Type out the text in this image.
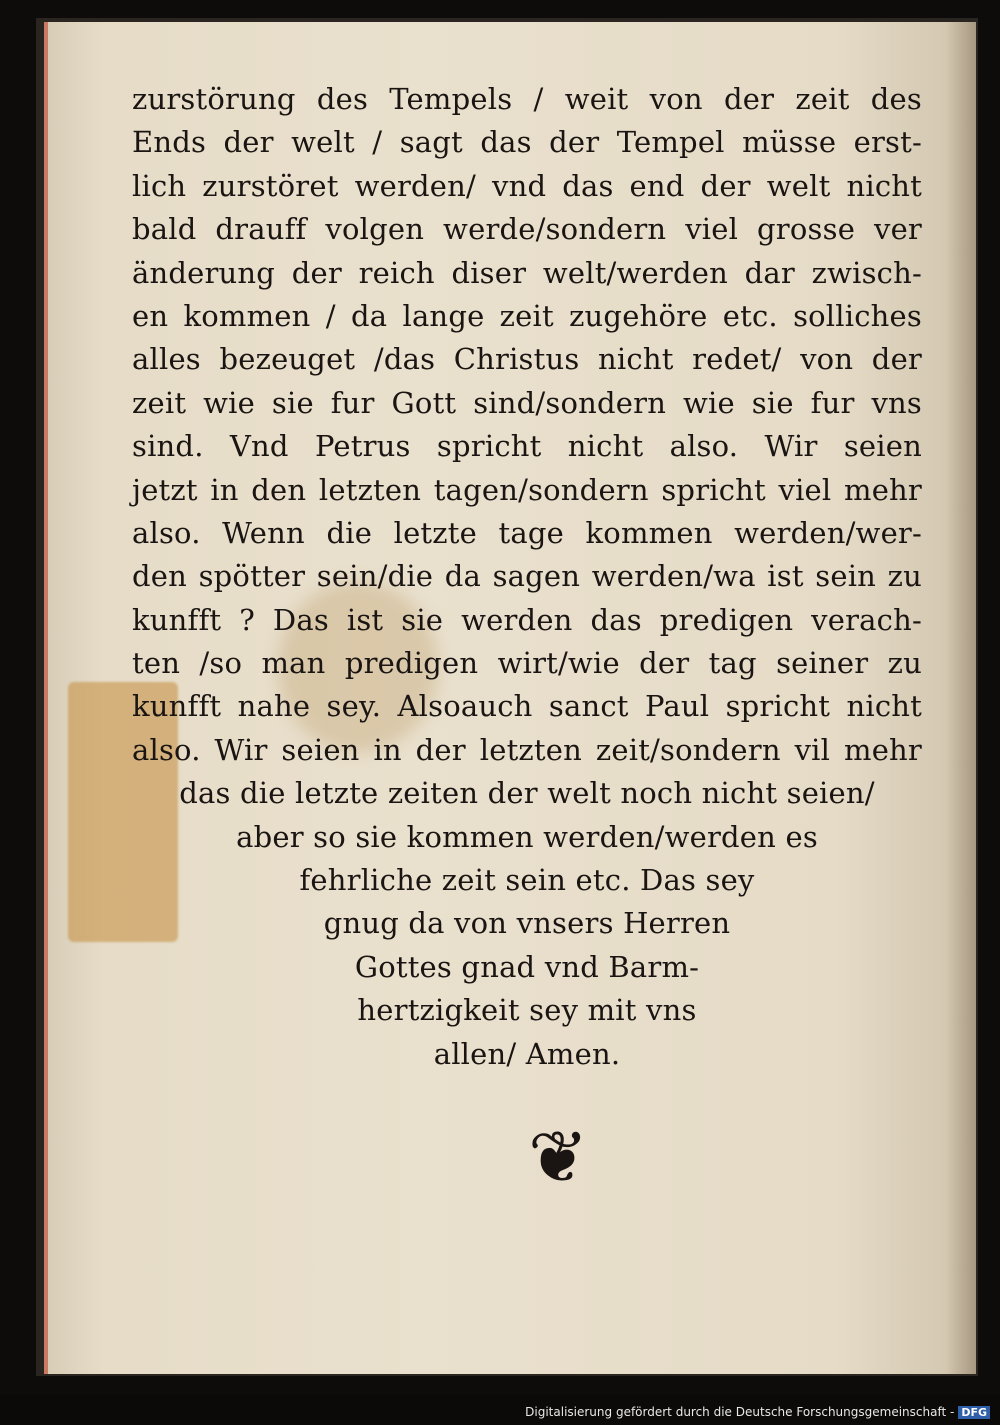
zurstörung des Tempels / weit von der zeit des
Ends der welt / sagt das der Tempel müsse erst-
lich zurstöret werden/ vnd das end der welt nicht
bald drauff volgen werde/sondern viel grosse ver
änderung der reich diser welt/werden dar zwisch-
en kommen / da lange zeit zugehöre etc. solliches
alles bezeuget /das Christus nicht redet/ von der
zeit wie sie fur Gott sind/sondern wie sie fur vns
sind. Vnd Petrus spricht nicht also. Wir seien
jetzt in den letzten tagen/sondern spricht viel mehr
also. Wenn die letzte tage kommen werden/wer-
den spötter sein/die da sagen werden/wa ist sein zu
kunfft ? Das ist sie werden das predigen verach-
ten /so man predigen wirt/wie der tag seiner zu
kunfft nahe sey. Alsoauch sanct Paul spricht nicht
also. Wir seien in der letzten zeit/sondern vil mehr
das die letzte zeiten der welt noch nicht seien/
aber so sie kommen werden/werden es
fehrliche zeit sein etc. Das sey
gnug da von vnsers Herren
Gottes gnad vnd Barm-
hertzigkeit sey mit vns
allen/ Amen.
❦
Digitalisierung gefördert durch die Deutsche Forschungsgemeinschaft - DFG
